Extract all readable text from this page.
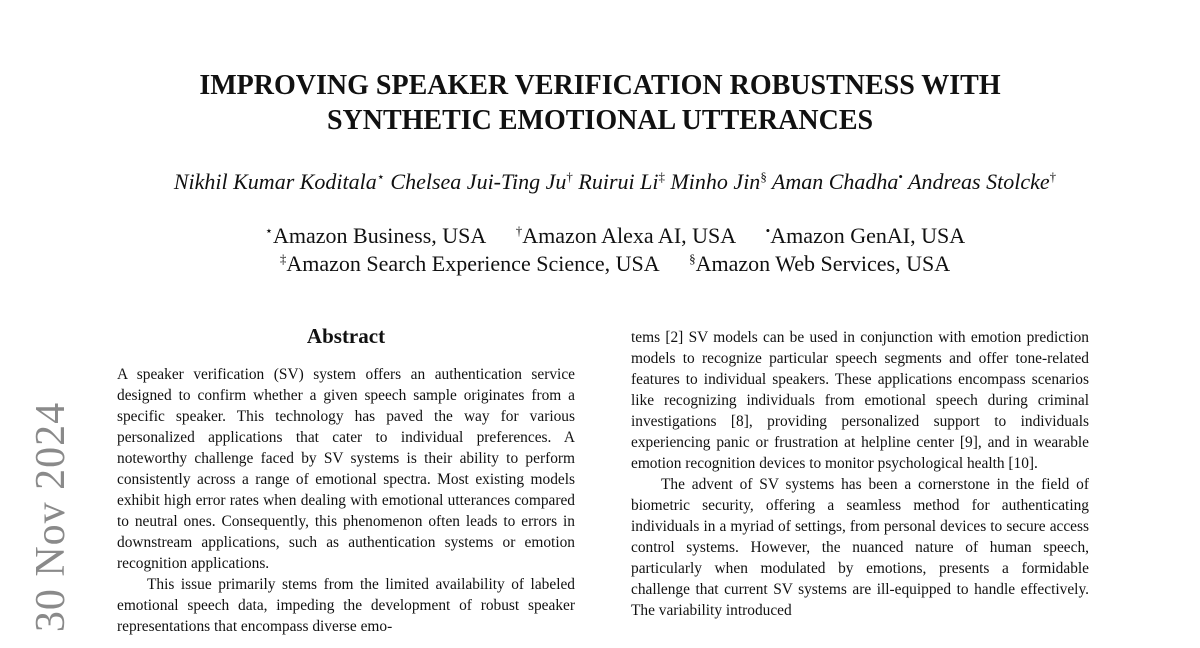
30 Nov 2024
IMPROVING SPEAKER VERIFICATION ROBUSTNESS WITH
SYNTHETIC EMOTIONAL UTTERANCES
Nikhil Kumar Koditala⋆ Chelsea Jui-Ting Ju† Ruirui Li‡ Minho Jin§ Aman Chadha• Andreas Stolcke†
⋆Amazon Business, USA †Amazon Alexa AI, USA •Amazon GenAI, USA
‡Amazon Search Experience Science, USA §Amazon Web Services, USA
Abstract

A speaker verification (SV) system offers an authentication service designed to confirm whether a given speech sample originates from a specific speaker. This technology has paved the way for various personalized applications that cater to individual preferences. A noteworthy challenge faced by SV systems is their ability to perform consistently across a range of emotional spectra. Most existing models exhibit high error rates when dealing with emotional utterances compared to neutral ones. Consequently, this phenomenon often leads to errors in downstream applications, such as authentication systems or emotion recognition applications.

This issue primarily stems from the limited availability of labeled emotional speech data, impeding the development of robust speaker representations that encompass diverse emo-

tems [2] SV models can be used in conjunction with emotion prediction models to recognize particular speech segments and offer tone-related features to individual speakers. These applications encompass scenarios like recognizing individuals from emotional speech during criminal investigations [8], providing personalized support to individuals experiencing panic or frustration at helpline center [9], and in wearable emotion recognition devices to monitor psychological health [10].

The advent of SV systems has been a cornerstone in the field of biometric security, offering a seamless method for authenticating individuals in a myriad of settings, from personal devices to secure access control systems. However, the nuanced nature of human speech, particularly when modulated by emotions, presents a formidable challenge that current SV systems are ill-equipped to handle effectively. The variability introduced
